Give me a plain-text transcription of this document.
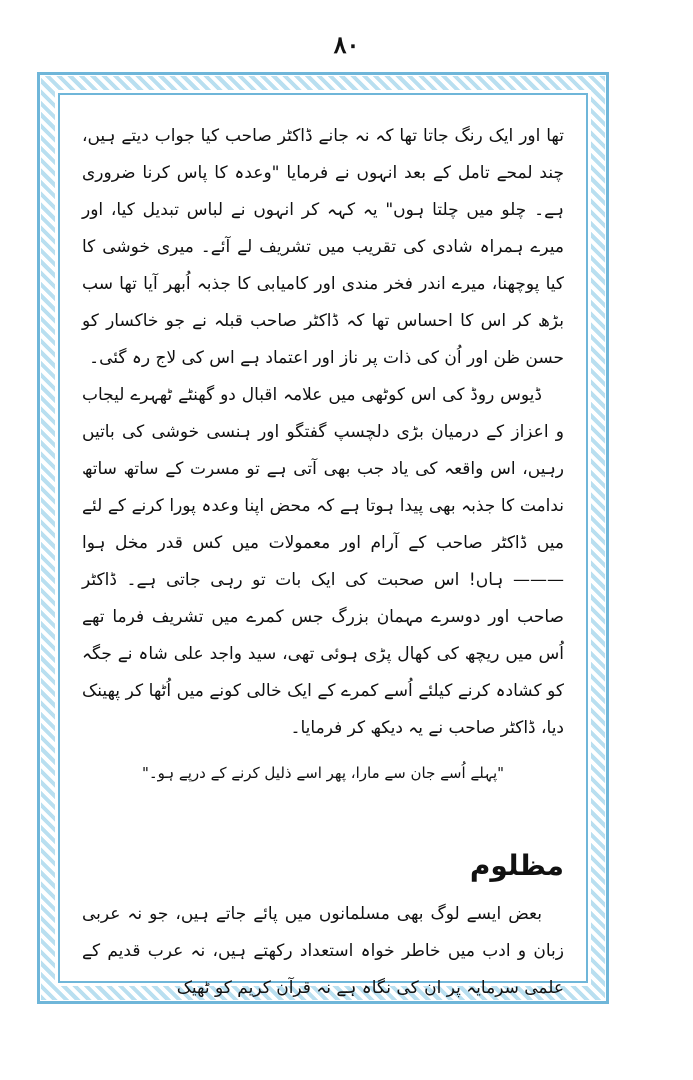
۸۰

تھا اور ایک رنگ جاتا تھا کہ نہ جانے ڈاکٹر صاحب کیا جواب دیتے ہیں، چند لمحے تامل کے بعد انہوں نے فرمایا "وعدہ کا پاس کرنا ضروری ہے۔ چلو میں چلتا ہوں" یہ کہہ کر انہوں نے لباس تبدیل کیا، اور میرے ہمراہ شادی کی تقریب میں تشریف لے آئے۔ میری خوشی کا کیا پوچھنا، میرے اندر فخر مندی اور کامیابی کا جذبہ اُبھر آیا تھا سب بڑھ کر اس کا احساس تھا کہ ڈاکٹر صاحب قبلہ نے جو خاکسار کو حسن ظن اور اُن کی ذات پر ناز اور اعتماد ہے اس کی لاج رہ گئی۔

ڈیوس روڈ کی اس کوٹھی میں علامہ اقبال دو گھنٹے ٹھہرے لیجاب و اعزاز کے درمیان بڑی دلچسپ گفتگو اور ہنسی خوشی کی باتیں رہیں، اس واقعہ کی یاد جب بھی آتی ہے تو مسرت کے ساتھ ساتھ ندامت کا جذبہ بھی پیدا ہوتا ہے کہ محض اپنا وعدہ پورا کرنے کے لئے میں ڈاکٹر صاحب کے آرام اور معمولات میں کس قدر مخل ہوا ——— ہاں! اس صحبت کی ایک بات تو رہی جاتی ہے۔ ڈاکٹر صاحب اور دوسرے مہمان بزرگ جس کمرے میں تشریف فرما تھے اُس میں ریچھ کی کھال پڑی ہوئی تھی، سید واجد علی شاہ نے جگہ کو کشادہ کرنے کیلئے اُسے کمرے کے ایک خالی کونے میں اُٹھا کر پھینک دیا، ڈاکٹر صاحب نے یہ دیکھ کر فرمایا۔

"پہلے اُسے جان سے مارا، پھر اسے ذلیل کرنے کے درپے ہو۔"

مظلوم

بعض ایسے لوگ بھی مسلمانوں میں پائے جاتے ہیں، جو نہ عربی زبان و ادب میں خاطر خواہ استعداد رکھتے ہیں، نہ عرب قدیم کے علمی سرمایہ پر ان کی نگاہ ہے نہ قرآن کریم کو ٹھیک
